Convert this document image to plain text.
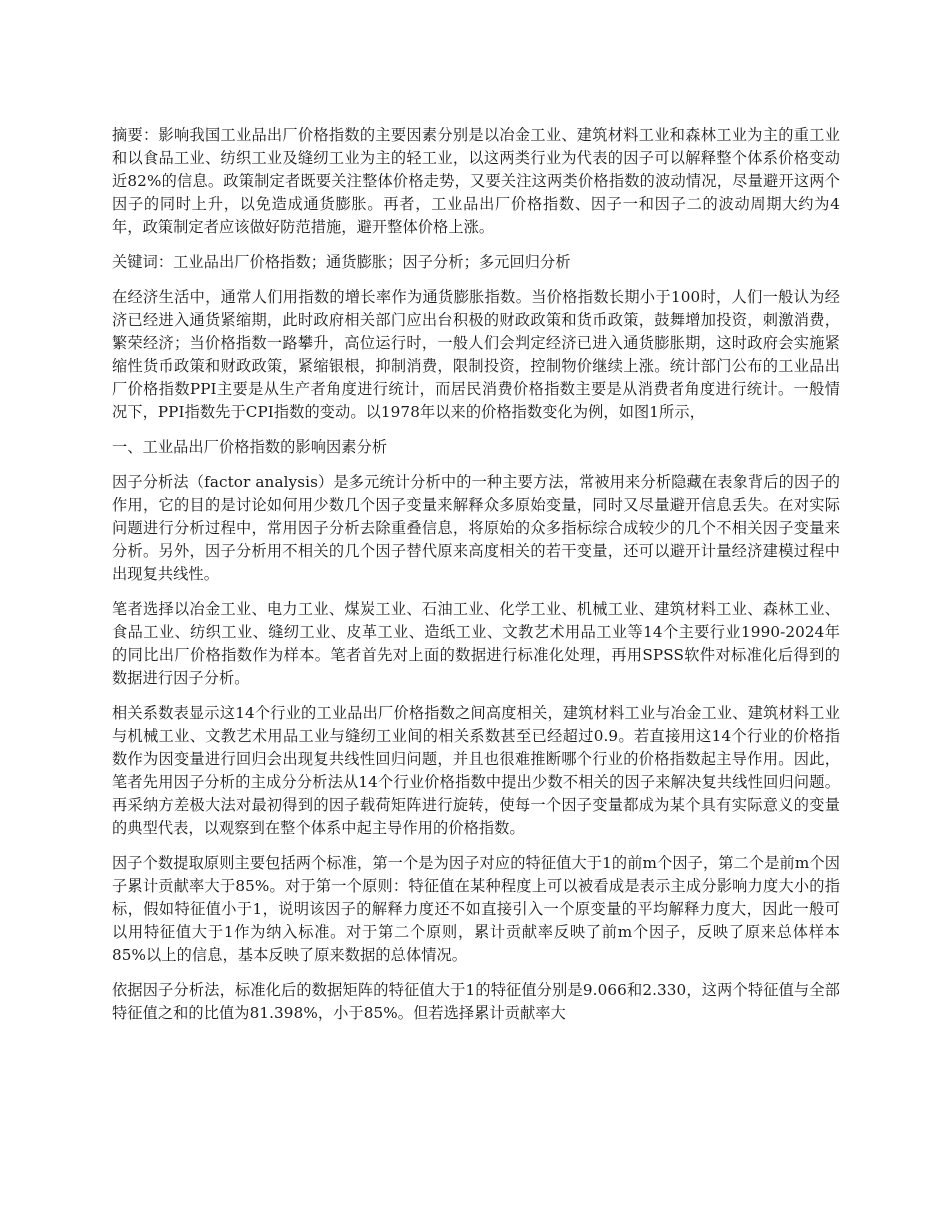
摘要：影响我国工业品出厂价格指数的主要因素分别是以冶金工业、建筑材料工业和森林工业为主的重工业和以食品工业、纺织工业及缝纫工业为主的轻工业，以这两类行业为代表的因子可以解释整个体系价格变动近82%的信息。政策制定者既要关注整体价格走势，又要关注这两类价格指数的波动情况，尽量避开这两个因子的同时上升，以免造成通货膨胀。再者，工业品出厂价格指数、因子一和因子二的波动周期大约为4年，政策制定者应该做好防范措施，避开整体价格上涨。

关键词：工业品出厂价格指数；通货膨胀；因子分析；多元回归分析

在经济生活中，通常人们用指数的增长率作为通货膨胀指数。当价格指数长期小于100时，人们一般认为经济已经进入通货紧缩期，此时政府相关部门应出台积极的财政政策和货币政策，鼓舞增加投资，刺激消费，繁荣经济；当价格指数一路攀升，高位运行时，一般人们会判定经济已进入通货膨胀期，这时政府会实施紧缩性货币政策和财政政策，紧缩银根，抑制消费，限制投资，控制物价继续上涨。统计部门公布的工业品出厂价格指数PPI主要是从生产者角度进行统计，而居民消费价格指数主要是从消费者角度进行统计。一般情况下，PPI指数先于CPI指数的变动。以1978年以来的价格指数变化为例，如图1所示，

一、工业品出厂价格指数的影响因素分析

因子分析法（factor analysis）是多元统计分析中的一种主要方法，常被用来分析隐藏在表象背后的因子的作用，它的目的是讨论如何用少数几个因子变量来解释众多原始变量，同时又尽量避开信息丢失。在对实际问题进行分析过程中，常用因子分析去除重叠信息，将原始的众多指标综合成较少的几个不相关因子变量来分析。另外，因子分析用不相关的几个因子替代原来高度相关的若干变量，还可以避开计量经济建模过程中出现复共线性。

笔者选择以冶金工业、电力工业、煤炭工业、石油工业、化学工业、机械工业、建筑材料工业、森林工业、食品工业、纺织工业、缝纫工业、皮革工业、造纸工业、文教艺术用品工业等14个主要行业1990-2024年的同比出厂价格指数作为样本。笔者首先对上面的数据进行标准化处理，再用SPSS软件对标准化后得到的数据进行因子分析。

相关系数表显示这14个行业的工业品出厂价格指数之间高度相关，建筑材料工业与冶金工业、建筑材料工业与机械工业、文教艺术用品工业与缝纫工业间的相关系数甚至已经超过0.9。若直接用这14个行业的价格指数作为因变量进行回归会出现复共线性回归问题，并且也很难推断哪个行业的价格指数起主导作用。因此，笔者先用因子分析的主成分分析法从14个行业价格指数中提出少数不相关的因子来解决复共线性回归问题。再采纳方差极大法对最初得到的因子载荷矩阵进行旋转，使每一个因子变量都成为某个具有实际意义的变量的典型代表，以观察到在整个体系中起主导作用的价格指数。

因子个数提取原则主要包括两个标准，第一个是为因子对应的特征值大于1的前m个因子，第二个是前m个因子累计贡献率大于85%。对于第一个原则：特征值在某种程度上可以被看成是表示主成分影响力度大小的指标，假如特征值小于1，说明该因子的解释力度还不如直接引入一个原变量的平均解释力度大，因此一般可以用特征值大于1作为纳入标准。对于第二个原则，累计贡献率反映了前m个因子，反映了原来总体样本85%以上的信息，基本反映了原来数据的总体情况。

依据因子分析法，标准化后的数据矩阵的特征值大于1的特征值分别是9.066和2.330，这两个特征值与全部特征值之和的比值为81.398%，小于85%。但若选择累计贡献率大
